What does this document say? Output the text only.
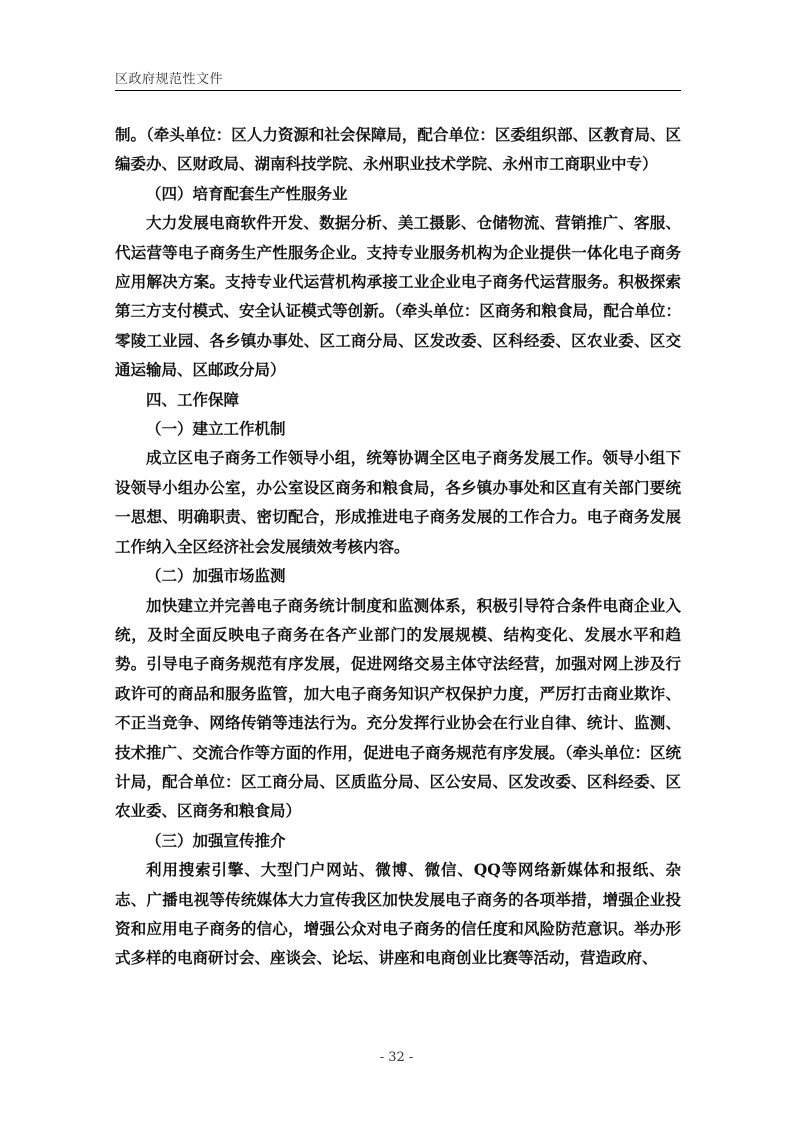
区政府规范性文件

制。（牵头单位：区人力资源和社会保障局，配合单位：区委组织部、区教育局、区编委办、区财政局、湖南科技学院、永州职业技术学院、永州市工商职业中专）

（四）培育配套生产性服务业

大力发展电商软件开发、数据分析、美工摄影、仓储物流、营销推广、客服、代运营等电子商务生产性服务企业。支持专业服务机构为企业提供一体化电子商务应用解决方案。支持专业代运营机构承接工业企业电子商务代运营服务。积极探索第三方支付模式、安全认证模式等创新。（牵头单位：区商务和粮食局，配合单位：零陵工业园、各乡镇办事处、区工商分局、区发改委、区科经委、区农业委、区交通运输局、区邮政分局）

四、工作保障

（一）建立工作机制

成立区电子商务工作领导小组，统筹协调全区电子商务发展工作。领导小组下设领导小组办公室，办公室设区商务和粮食局，各乡镇办事处和区直有关部门要统一思想、明确职责、密切配合，形成推进电子商务发展的工作合力。电子商务发展工作纳入全区经济社会发展绩效考核内容。

（二）加强市场监测

加快建立并完善电子商务统计制度和监测体系，积极引导符合条件电商企业入统，及时全面反映电子商务在各产业部门的发展规模、结构变化、发展水平和趋势。引导电子商务规范有序发展，促进网络交易主体守法经营，加强对网上涉及行政许可的商品和服务监管，加大电子商务知识产权保护力度，严厉打击商业欺诈、不正当竞争、网络传销等违法行为。充分发挥行业协会在行业自律、统计、监测、技术推广、交流合作等方面的作用，促进电子商务规范有序发展。（牵头单位：区统计局，配合单位：区工商分局、区质监分局、区公安局、区发改委、区科经委、区农业委、区商务和粮食局）

（三）加强宣传推介

利用搜索引擎、大型门户网站、微博、微信、QQ等网络新媒体和报纸、杂志、广播电视等传统媒体大力宣传我区加快发展电子商务的各项举措，增强企业投资和应用电子商务的信心，增强公众对电子商务的信任度和风险防范意识。举办形式多样的电商研讨会、座谈会、论坛、讲座和电商创业比赛等活动，营造政府、

- 32 -
